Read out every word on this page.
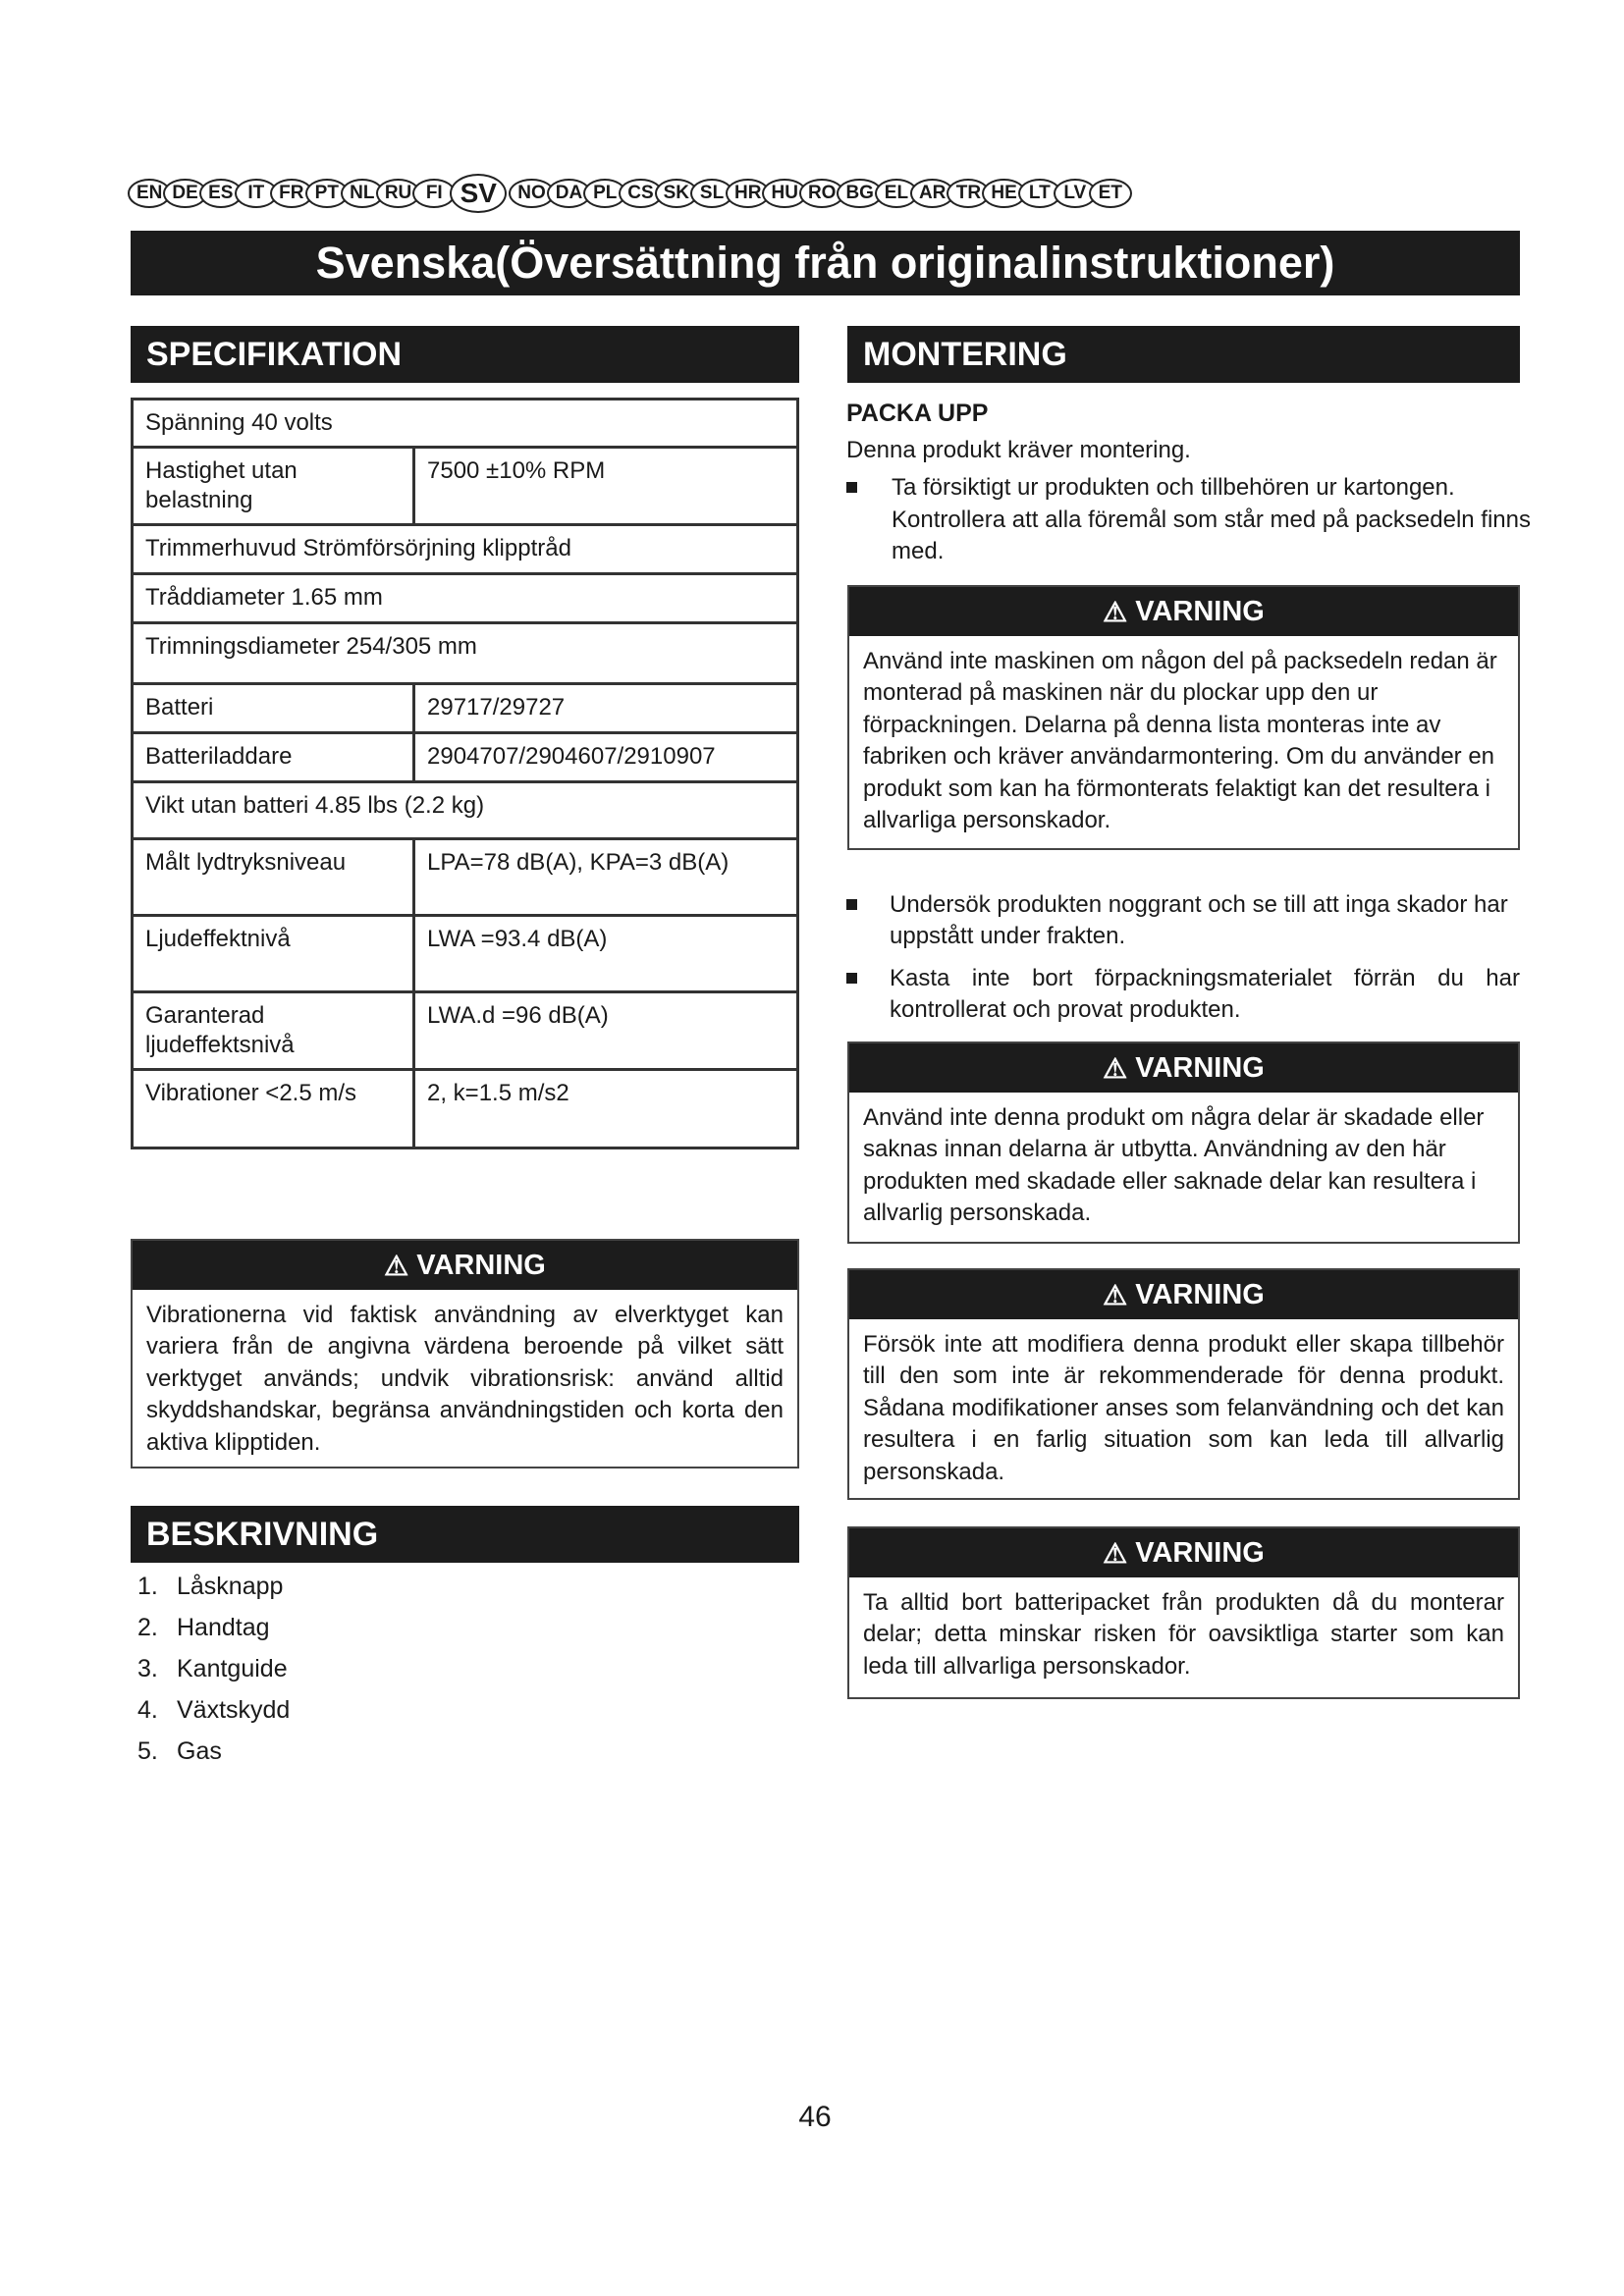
EN DE ES IT FR PT NL RU FI SV	NO DA PL CS SK SL HR HU RO BG EL AR TR HE LT LV ET
Svenska(Översättning från originalinstruktioner)
SPECIFIKATION
Spänning 40 volts	
Hastighet utan belastning	7500 ±10% RPM
Trimmerhuvud Strömförsörjning klipptråd	
Tråddiameter 1.65 mm	
Trimningsdiameter 254/305 mm	
Batteri	29717/29727
Batteriladdare	2904707/2904607/2910907
Vikt utan batteri 4.85 lbs (2.2 kg)	
Målt lydtryksniveau	LPA=78 dB(A), KPA=3 dB(A)
Ljudeffektnivå	LWA =93.4 dB(A)
Garanterad ljudeffektsnivå	LWA.d =96 dB(A)
Vibrationer <2.5 m/s	2, k=1.5 m/s2
⚠ VARNING
Vibrationerna vid faktisk användning av elverktyget kan variera från de angivna värdena beroende på vilket sätt verktyget används; undvik vibrationsrisk: använd alltid skyddshandskar, begränsa användningstiden och korta den aktiva klipptiden.
BESKRIVNING
1. Låsknapp
2. Handtag
3. Kantguide
4. Växtskydd
5. Gas
MONTERING
PACKA UPP
Denna produkt kräver montering.
Ta försiktigt ur produkten och tillbehören ur kartongen. Kontrollera att alla föremål som står med på packsedeln finns med.
⚠ VARNING
Använd inte maskinen om någon del på packsedeln redan är monterad på maskinen när du plockar upp den ur förpackningen. Delarna på denna lista monteras inte av fabriken och kräver användarmontering. Om du använder en produkt som kan ha förmonterats felaktigt kan det resultera i allvarliga personskador.
Undersök produkten noggrant och se till att inga skador har uppstått under frakten.
Kasta inte bort förpackningsmaterialet förrän du har kontrollerat och provat produkten.
⚠ VARNING
Använd inte denna produkt om några delar är skadade eller saknas innan delarna är utbytta. Användning av den här produkten med skadade eller saknade delar kan resultera i allvarlig personskada.
⚠ VARNING
Försök inte att modifiera denna produkt eller skapa tillbehör till den som inte är rekommenderade för denna produkt. Sådana modifikationer anses som felanvändning och det kan resultera i en farlig situation som kan leda till allvarlig personskada.
⚠ VARNING
Ta alltid bort batteripacket från produkten då du monterar delar; detta minskar risken för oavsiktliga starter som kan leda till allvarliga personskador.
46
